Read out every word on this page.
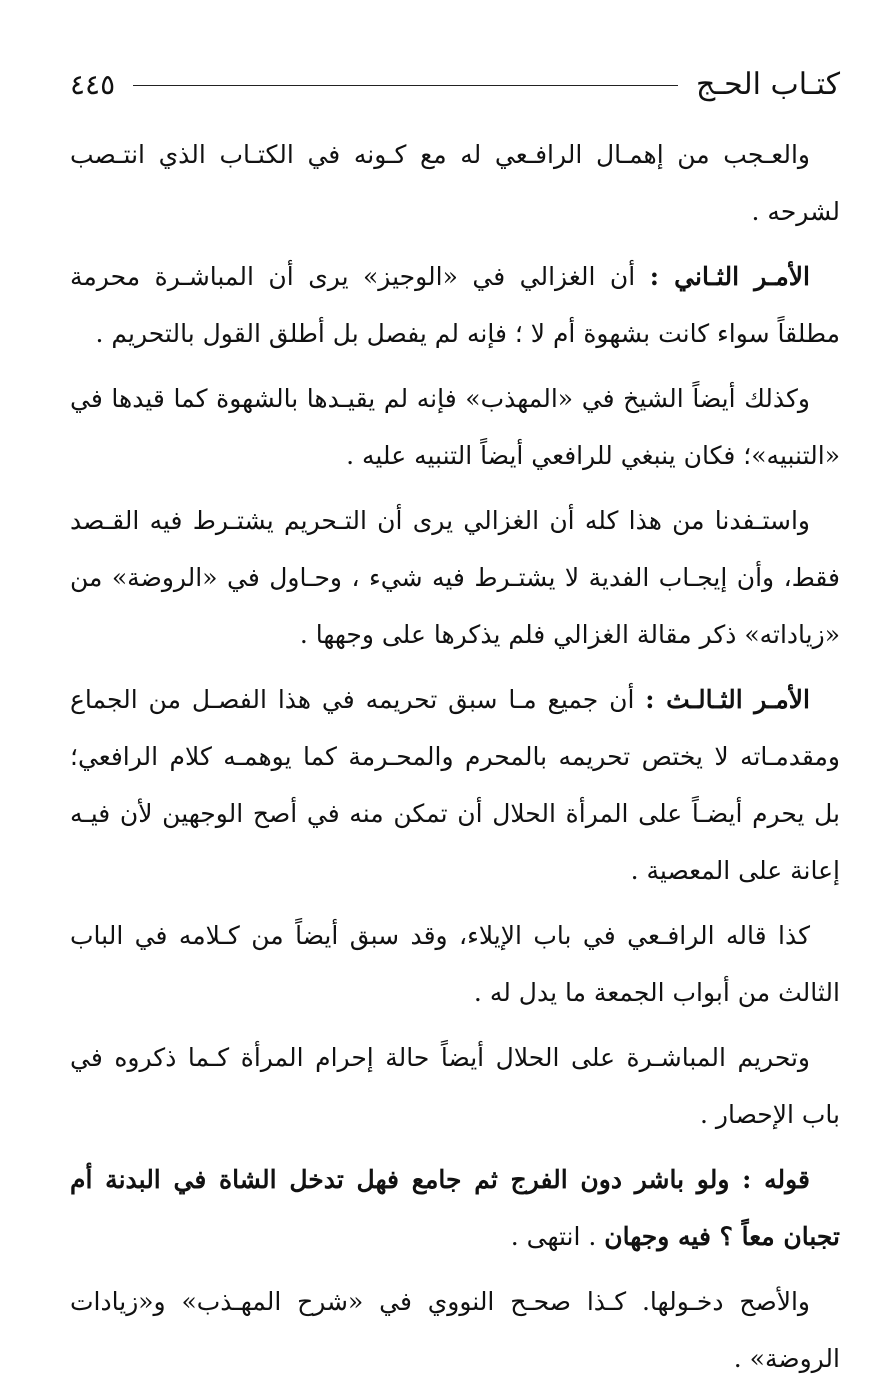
كتـاب الحـج
٤٤٥

والعـجب من إهمـال الرافـعي له مع كـونه في الكتـاب الذي انتـصب لشرحه .

الأمـر الثـاني : أن الغزالي في «الوجيز» يرى أن المباشـرة محرمة مطلقاً سواء كانت بشهوة أم لا ؛ فإنه لم يفصل بل أطلق القول بالتحريم .

وكذلك أيضاً الشيخ في «المهذب» فإنه لم يقيـدها بالشهوة كما قيدها في «التنبيه»؛ فكان ينبغي للرافعي أيضاً التنبيه عليه .

واستـفدنا من هذا كله أن الغزالي يرى أن التـحريم يشتـرط فيه القـصد فقط، وأن إيجـاب الفدية لا يشتـرط فيه شيء ، وحـاول في «الروضة» من «زياداته» ذكر مقالة الغزالي فلم يذكرها على وجهها .

الأمـر الثـالـث : أن جميع مـا سبق تحريمه في هذا الفصـل من الجماع ومقدمـاته لا يختص تحريمه بالمحرم والمحـرمة كما يوهمـه كلام الرافعي؛ بل يحرم أيضـاً على المرأة الحلال أن تمكن منه في أصح الوجهين لأن فيـه إعانة على المعصية .

كذا قاله الرافـعي في باب الإيلاء، وقد سبق أيضاً من كـلامه في الباب الثالث من أبواب الجمعة ما يدل له .

وتحريم المباشـرة على الحلال أيضاً حالة إحرام المرأة كـما ذكروه في باب الإحصار .

قوله : ولو باشر دون الفرج ثم جامع فهل تدخل الشاة في البدنة أم تجبان معاً ؟ فيه وجهان . انتهى .

والأصح دخـولها. كـذا صحـح النووي في «شرح المهـذب» و«زيادات الروضة» .
